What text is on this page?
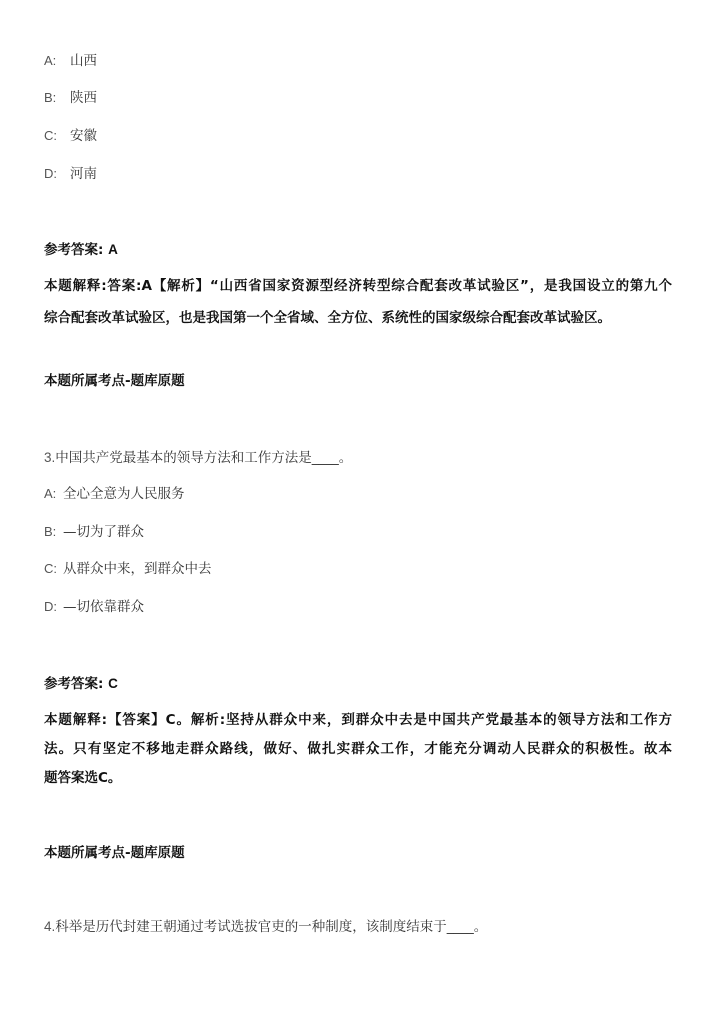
A: 山西
B: 陕西
C: 安徽
D: 河南
参考答案: A
本题解释:答案:A【解析】“山西省国家资源型经济转型综合配套改革试验区”，是我国设立的第九个
综合配套改革试验区，也是我国第一个全省域、全方位、系统性的国家级综合配套改革试验区。
本题所属考点-题库原题
3.中国共产党最基本的领导方法和工作方法是____。
A: 全心全意为人民服务
B: —切为了群众
C: 从群众中来，到群众中去
D: —切依靠群众
参考答案: C
本题解释:【答案】C。解析:坚持从群众中来，到群众中去是中国共产党最基本的领导方法和工作方
法。只有坚定不移地走群众路线，做好、做扎实群众工作，才能充分调动人民群众的积极性。故本
题答案选C。
本题所属考点-题库原题
4.科举是历代封建王朝通过考试选拔官吏的一种制度，该制度结束于____。
